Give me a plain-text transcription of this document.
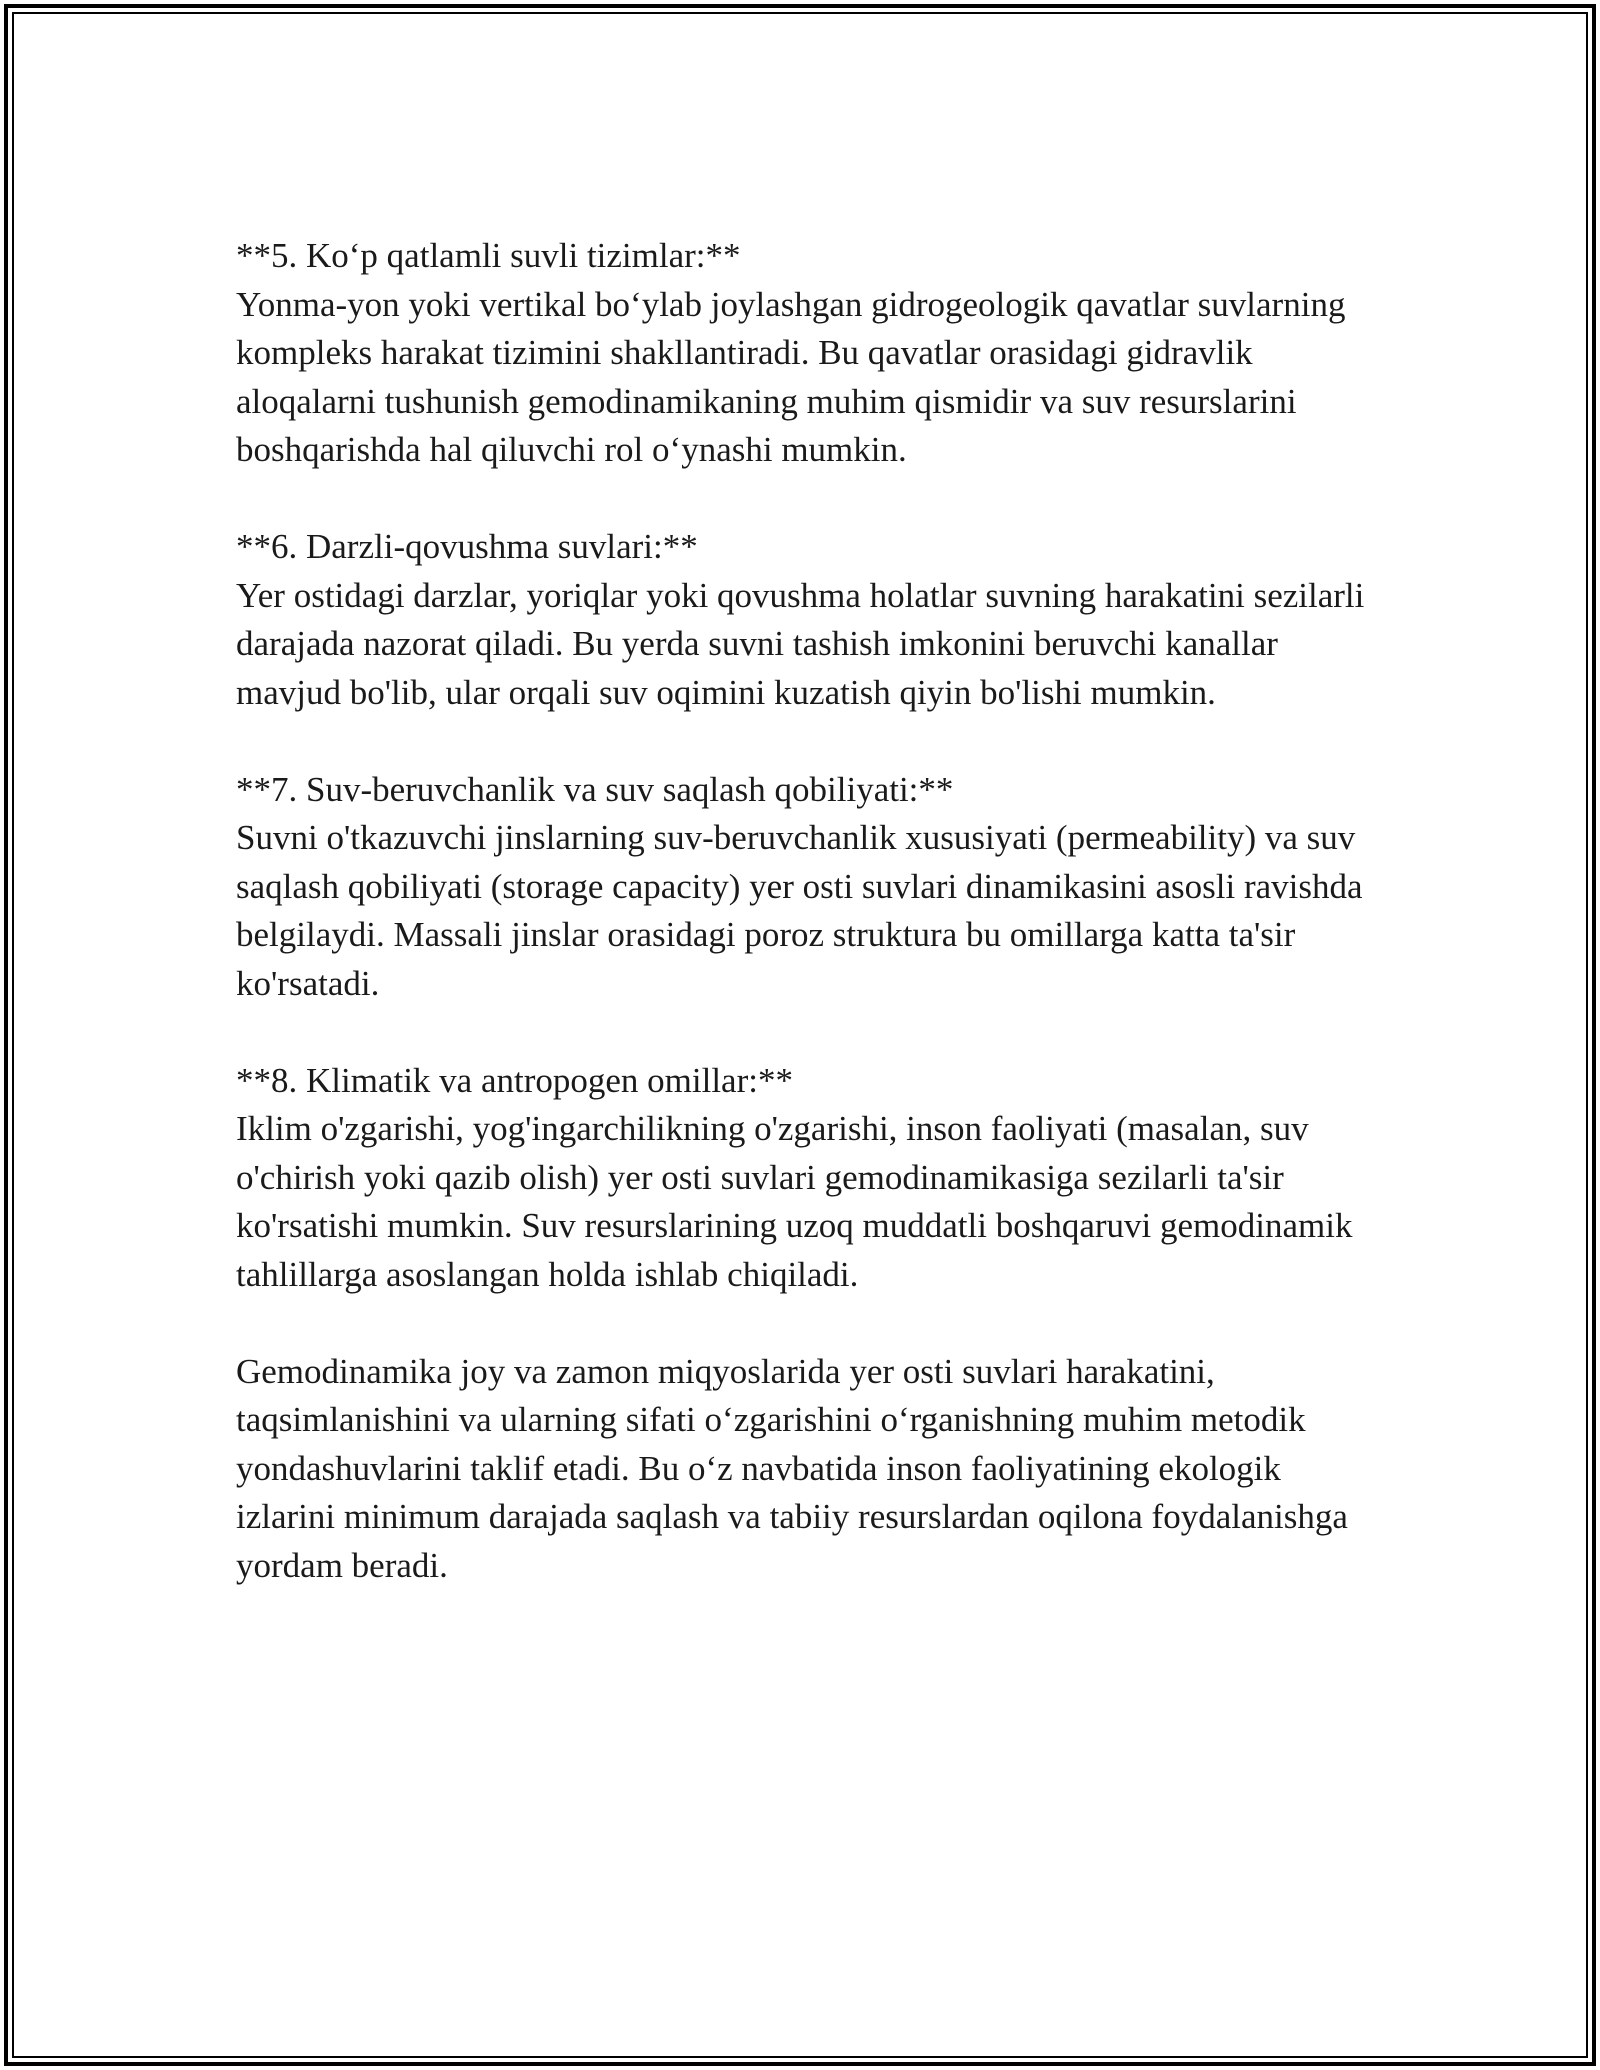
**5. Ko‘p qatlamli suvli tizimlar:**

Yonma-yon yoki vertikal bo‘ylab joylashgan gidrogeologik qavatlar suvlarning kompleks harakat tizimini shakllantiradi. Bu qavatlar orasidagi gidravlik aloqalarni tushunish gemodinamikaning muhim qismidir va suv resurslarini boshqarishda hal qiluvchi rol o‘ynashi mumkin.

**6. Darzli-qovushma suvlari:**

Yer ostidagi darzlar, yoriqlar yoki qovushma holatlar suvning harakatini sezilarli darajada nazorat qiladi. Bu yerda suvni tashish imkonini beruvchi kanallar mavjud bo'lib, ular orqali suv oqimini kuzatish qiyin bo'lishi mumkin.

**7. Suv-beruvchanlik va suv saqlash qobiliyati:**

Suvni o'tkazuvchi jinslarning suv-beruvchanlik xususiyati (permeability) va suv saqlash qobiliyati (storage capacity) yer osti suvlari dinamikasini asosli ravishda belgilaydi. Massali jinslar orasidagi poroz struktura bu omillarga katta ta'sir ko'rsatadi.

**8. Klimatik va antropogen omillar:**

Iklim o'zgarishi, yog'ingarchilikning o'zgarishi, inson faoliyati (masalan, suv o'chirish yoki qazib olish) yer osti suvlari gemodinamikasiga sezilarli ta'sir ko'rsatishi mumkin. Suv resurslarining uzoq muddatli boshqaruvi gemodinamik tahlillarga asoslangan holda ishlab chiqiladi.

Gemodinamika joy va zamon miqyoslarida yer osti suvlari harakatini, taqsimlanishini va ularning sifati o‘zgarishini o‘rganishning muhim metodik yondashuvlarini taklif etadi. Bu o‘z navbatida inson faoliyatining ekologik izlarini minimum darajada saqlash va tabiiy resurslardan oqilona foydalanishga yordam beradi.
